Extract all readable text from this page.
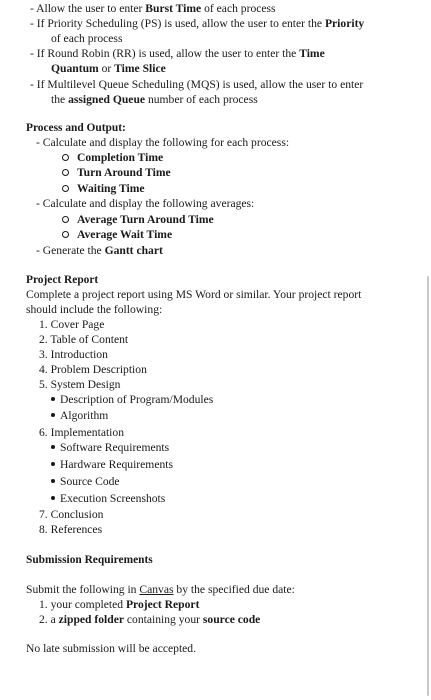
- Allow the user to enter Burst Time of each process
- If Priority Scheduling (PS) is used, allow the user to enter the Priority
of each process
- If Round Robin (RR) is used, allow the user to enter the Time
Quantum or Time Slice
- If Multilevel Queue Scheduling (MQS) is used, allow the user to enter
the assigned Queue number of each process
Process and Output:
- Calculate and display the following for each process:
Completion Time
Turn Around Time
Waiting Time
- Calculate and display the following averages:
Average Turn Around Time
Average Wait Time
- Generate the Gantt chart
Project Report
Complete a project report using MS Word or similar. Your project report
should include the following:
1. Cover Page
2. Table of Content
3. Introduction
4. Problem Description
5. System Design
Description of Program/Modules
Algorithm
6. Implementation
Software Requirements
Hardware Requirements
Source Code
Execution Screenshots
7. Conclusion
8. References
Submission Requirements
Submit the following in Canvas by the specified due date:
1. your completed Project Report
2. a zipped folder containing your source code
No late submission will be accepted.
